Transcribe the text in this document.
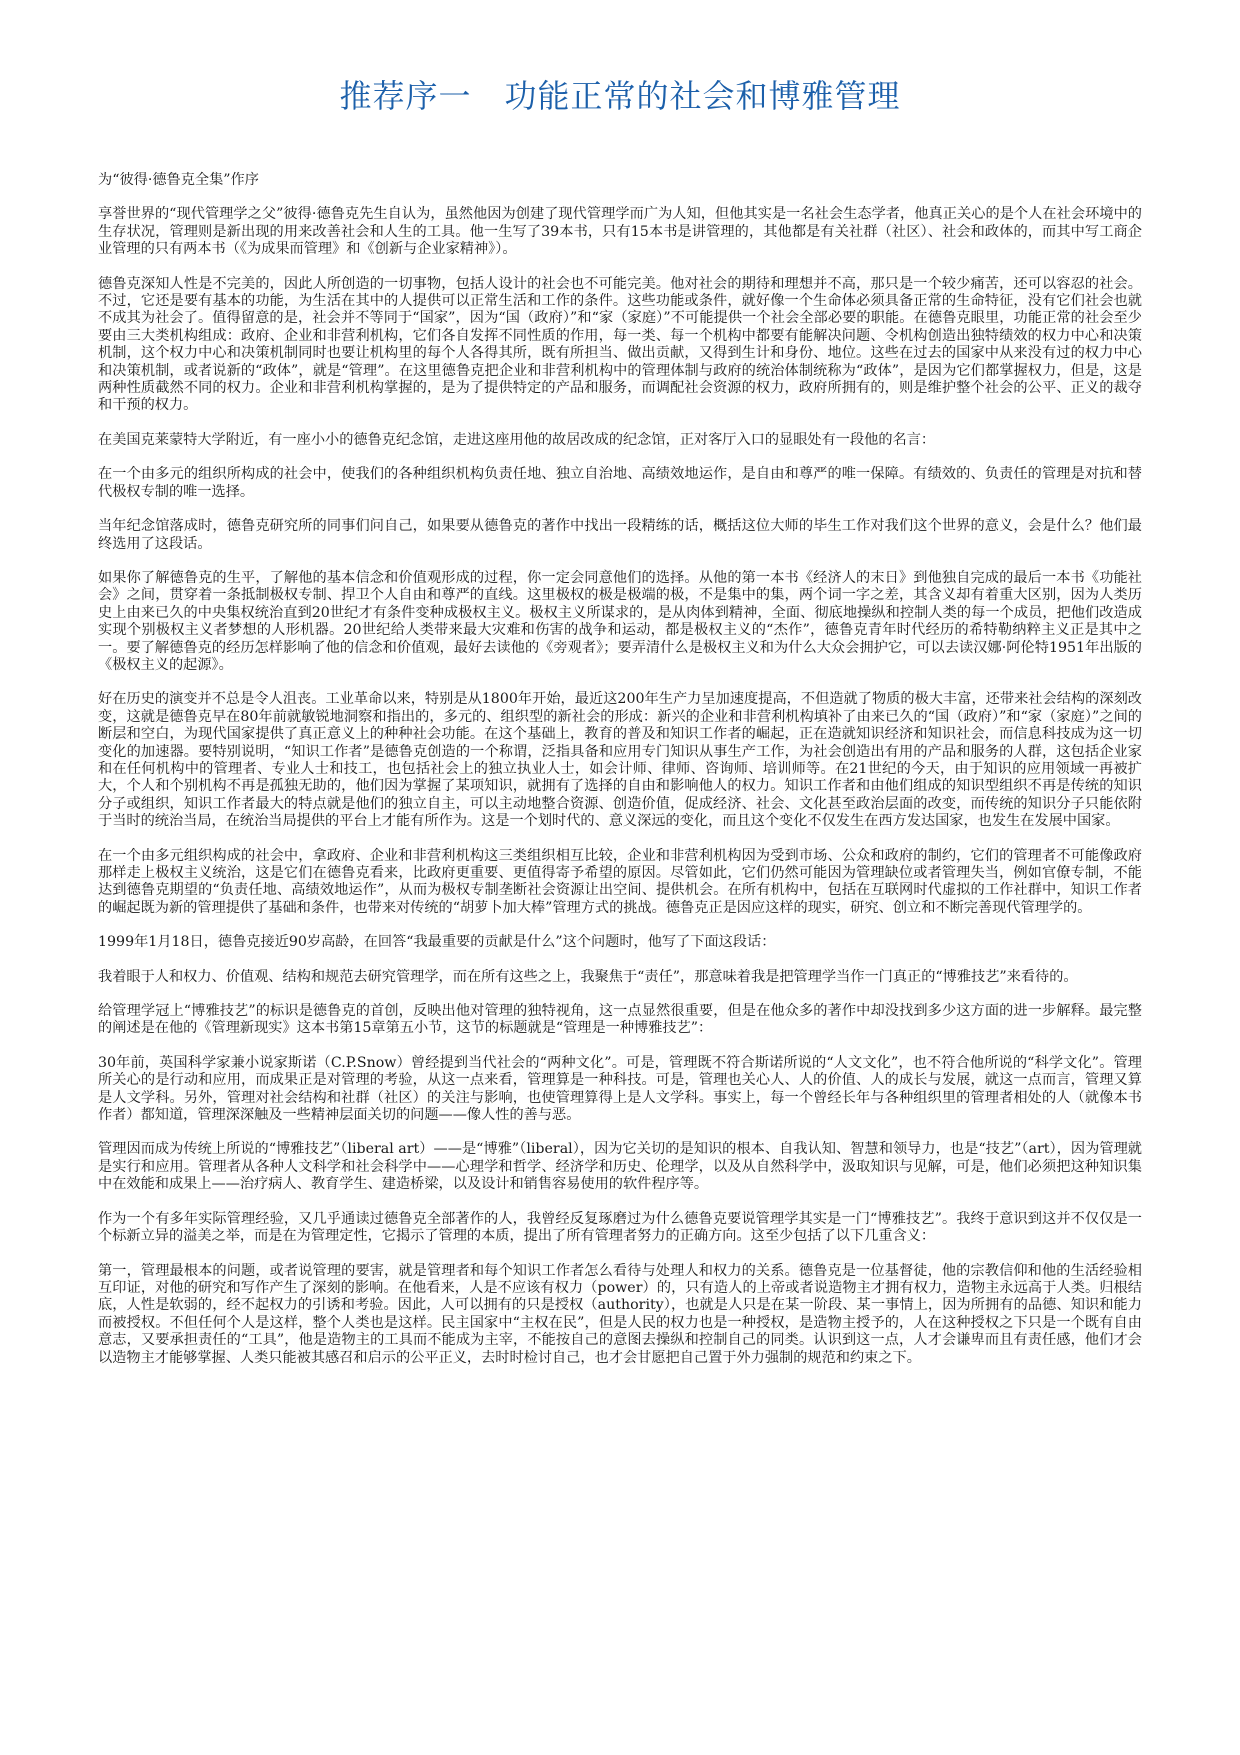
推荐序一　功能正常的社会和博雅管理

为“彼得·德鲁克全集”作序

享誉世界的“现代管理学之父”彼得·德鲁克先生自认为，虽然他因为创建了现代管理学而广为人知，但他其实是一名社会生态学者，他真正关心的是个人在社会环境中的生存状况，管理则是新出现的用来改善社会和人生的工具。他一生写了39本书，只有15本书是讲管理的，其他都是有关社群（社区）、社会和政体的，而其中写工商企业管理的只有两本书（《为成果而管理》和《创新与企业家精神》）。

德鲁克深知人性是不完美的，因此人所创造的一切事物，包括人设计的社会也不可能完美。他对社会的期待和理想并不高，那只是一个较少痛苦，还可以容忍的社会。不过，它还是要有基本的功能，为生活在其中的人提供可以正常生活和工作的条件。这些功能或条件，就好像一个生命体必须具备正常的生命特征，没有它们社会也就不成其为社会了。值得留意的是，社会并不等同于“国家”，因为“国（政府）”和“家（家庭）”不可能提供一个社会全部必要的职能。在德鲁克眼里，功能正常的社会至少要由三大类机构组成：政府、企业和非营利机构，它们各自发挥不同性质的作用，每一类、每一个机构中都要有能解决问题、令机构创造出独特绩效的权力中心和决策机制，这个权力中心和决策机制同时也要让机构里的每个人各得其所，既有所担当、做出贡献，又得到生计和身份、地位。这些在过去的国家中从来没有过的权力中心和决策机制，或者说新的“政体”，就是“管理”。在这里德鲁克把企业和非营利机构中的管理体制与政府的统治体制统称为“政体”，是因为它们都掌握权力，但是，这是两种性质截然不同的权力。企业和非营利机构掌握的，是为了提供特定的产品和服务，而调配社会资源的权力，政府所拥有的，则是维护整个社会的公平、正义的裁夺和干预的权力。

在美国克莱蒙特大学附近，有一座小小的德鲁克纪念馆，走进这座用他的故居改成的纪念馆，正对客厅入口的显眼处有一段他的名言：

在一个由多元的组织所构成的社会中，使我们的各种组织机构负责任地、独立自治地、高绩效地运作，是自由和尊严的唯一保障。有绩效的、负责任的管理是对抗和替代极权专制的唯一选择。

当年纪念馆落成时，德鲁克研究所的同事们问自己，如果要从德鲁克的著作中找出一段精练的话，概括这位大师的毕生工作对我们这个世界的意义，会是什么？他们最终选用了这段话。

如果你了解德鲁克的生平，了解他的基本信念和价值观形成的过程，你一定会同意他们的选择。从他的第一本书《经济人的末日》到他独自完成的最后一本书《功能社会》之间，贯穿着一条抵制极权专制、捍卫个人自由和尊严的直线。这里极权的极是极端的极，不是集中的集，两个词一字之差，其含义却有着重大区别，因为人类历史上由来已久的中央集权统治直到20世纪才有条件变种成极权主义。极权主义所谋求的，是从肉体到精神，全面、彻底地操纵和控制人类的每一个成员，把他们改造成实现个别极权主义者梦想的人形机器。20世纪给人类带来最大灾难和伤害的战争和运动，都是极权主义的“杰作”，德鲁克青年时代经历的希特勒纳粹主义正是其中之一。要了解德鲁克的经历怎样影响了他的信念和价值观，最好去读他的《旁观者》；要弄清什么是极权主义和为什么大众会拥护它，可以去读汉娜·阿伦特1951年出版的《极权主义的起源》。

好在历史的演变并不总是令人沮丧。工业革命以来，特别是从1800年开始，最近这200年生产力呈加速度提高，不但造就了物质的极大丰富，还带来社会结构的深刻改变，这就是德鲁克早在80年前就敏锐地洞察和指出的，多元的、组织型的新社会的形成：新兴的企业和非营利机构填补了由来已久的“国（政府）”和“家（家庭）”之间的断层和空白，为现代国家提供了真正意义上的种种社会功能。在这个基础上，教育的普及和知识工作者的崛起，正在造就知识经济和知识社会，而信息科技成为这一切变化的加速器。要特别说明，“知识工作者”是德鲁克创造的一个称谓，泛指具备和应用专门知识从事生产工作，为社会创造出有用的产品和服务的人群，这包括企业家和在任何机构中的管理者、专业人士和技工，也包括社会上的独立执业人士，如会计师、律师、咨询师、培训师等。在21世纪的今天，由于知识的应用领域一再被扩大，个人和个别机构不再是孤独无助的，他们因为掌握了某项知识，就拥有了选择的自由和影响他人的权力。知识工作者和由他们组成的知识型组织不再是传统的知识分子或组织，知识工作者最大的特点就是他们的独立自主，可以主动地整合资源、创造价值，促成经济、社会、文化甚至政治层面的改变，而传统的知识分子只能依附于当时的统治当局，在统治当局提供的平台上才能有所作为。这是一个划时代的、意义深远的变化，而且这个变化不仅发生在西方发达国家，也发生在发展中国家。

在一个由多元组织构成的社会中，拿政府、企业和非营利机构这三类组织相互比较，企业和非营利机构因为受到市场、公众和政府的制约，它们的管理者不可能像政府那样走上极权主义统治，这是它们在德鲁克看来，比政府更重要、更值得寄予希望的原因。尽管如此，它们仍然可能因为管理缺位或者管理失当，例如官僚专制，不能达到德鲁克期望的“负责任地、高绩效地运作”，从而为极权专制垄断社会资源让出空间、提供机会。在所有机构中，包括在互联网时代虚拟的工作社群中，知识工作者的崛起既为新的管理提供了基础和条件，也带来对传统的“胡萝卜加大棒”管理方式的挑战。德鲁克正是因应这样的现实，研究、创立和不断完善现代管理学的。

1999年1月18日，德鲁克接近90岁高龄，在回答“我最重要的贡献是什么”这个问题时，他写了下面这段话：

我着眼于人和权力、价值观、结构和规范去研究管理学，而在所有这些之上，我聚焦于“责任”，那意味着我是把管理学当作一门真正的“博雅技艺”来看待的。

给管理学冠上“博雅技艺”的标识是德鲁克的首创，反映出他对管理的独特视角，这一点显然很重要，但是在他众多的著作中却没找到多少这方面的进一步解释。最完整的阐述是在他的《管理新现实》这本书第15章第五小节，这节的标题就是“管理是一种博雅技艺”：

30年前，英国科学家兼小说家斯诺（C.P.Snow）曾经提到当代社会的“两种文化”。可是，管理既不符合斯诺所说的“人文文化”，也不符合他所说的“科学文化”。管理所关心的是行动和应用，而成果正是对管理的考验，从这一点来看，管理算是一种科技。可是，管理也关心人、人的价值、人的成长与发展，就这一点而言，管理又算是人文学科。另外，管理对社会结构和社群（社区）的关注与影响，也使管理算得上是人文学科。事实上，每一个曾经长年与各种组织里的管理者相处的人（就像本书作者）都知道，管理深深触及一些精神层面关切的问题——像人性的善与恶。

管理因而成为传统上所说的“博雅技艺”（liberal art）——是“博雅”（liberal），因为它关切的是知识的根本、自我认知、智慧和领导力，也是“技艺”（art），因为管理就是实行和应用。管理者从各种人文科学和社会科学中——心理学和哲学、经济学和历史、伦理学，以及从自然科学中，汲取知识与见解，可是，他们必须把这种知识集中在效能和成果上——治疗病人、教育学生、建造桥梁，以及设计和销售容易使用的软件程序等。

作为一个有多年实际管理经验，又几乎通读过德鲁克全部著作的人，我曾经反复琢磨过为什么德鲁克要说管理学其实是一门“博雅技艺”。我终于意识到这并不仅仅是一个标新立异的溢美之举，而是在为管理定性，它揭示了管理的本质，提出了所有管理者努力的正确方向。这至少包括了以下几重含义：

第一，管理最根本的问题，或者说管理的要害，就是管理者和每个知识工作者怎么看待与处理人和权力的关系。德鲁克是一位基督徒，他的宗教信仰和他的生活经验相互印证，对他的研究和写作产生了深刻的影响。在他看来，人是不应该有权力（power）的，只有造人的上帝或者说造物主才拥有权力，造物主永远高于人类。归根结底，人性是软弱的，经不起权力的引诱和考验。因此，人可以拥有的只是授权（authority），也就是人只是在某一阶段、某一事情上，因为所拥有的品德、知识和能力而被授权。不但任何个人是这样，整个人类也是这样。民主国家中“主权在民”，但是人民的权力也是一种授权，是造物主授予的，人在这种授权之下只是一个既有自由意志，又要承担责任的“工具”，他是造物主的工具而不能成为主宰，不能按自己的意图去操纵和控制自己的同类。认识到这一点，人才会谦卑而且有责任感，他们才会以造物主才能够掌握、人类只能被其感召和启示的公平正义，去时时检讨自己，也才会甘愿把自己置于外力强制的规范和约束之下。
